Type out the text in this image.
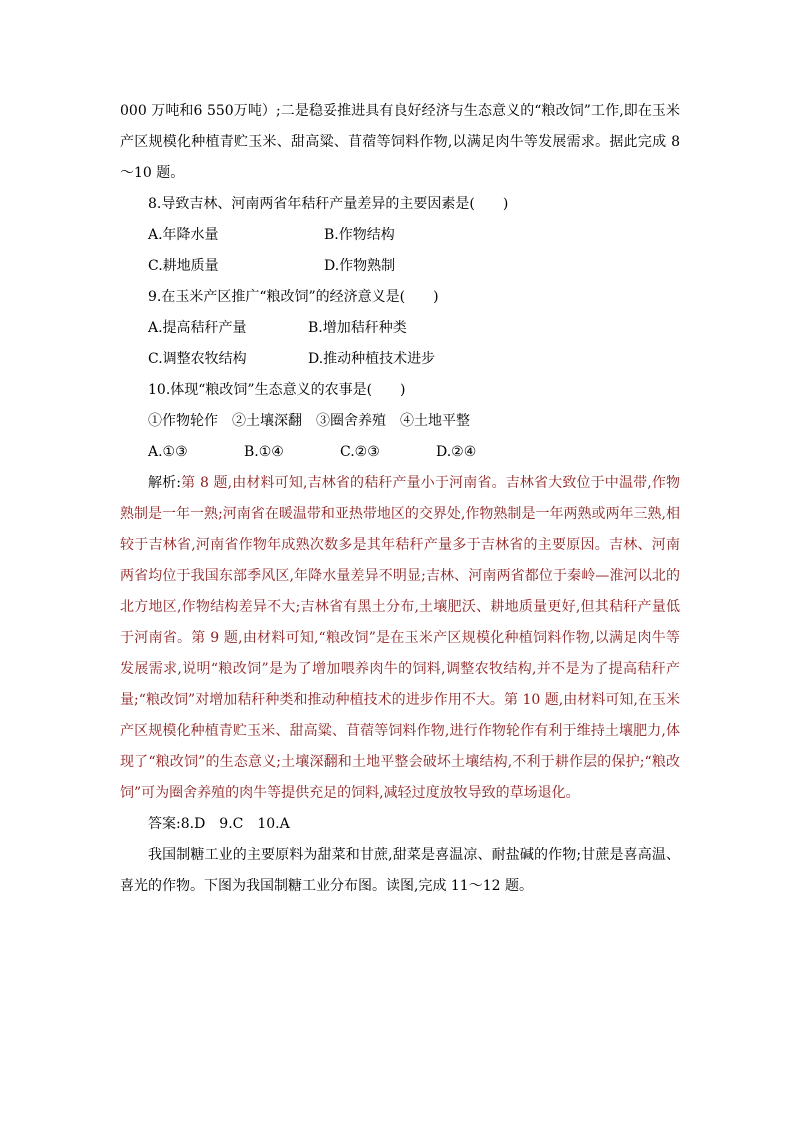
000 万吨和6 550万吨）;二是稳妥推进具有良好经济与生态意义的“粮改饲”工作,即在玉米产区规模化种植青贮玉米、甜高粱、苜蓿等饲料作物,以满足肉牛等发展需求。据此完成 8～10 题。

8.导致吉林、河南两省年秸秆产量差异的主要因素是(　　)

A.年降水量	B.作物结构
C.耕地质量	D.作物熟制

9.在玉米产区推广“粮改饲”的经济意义是(　　)

A.提高秸秆产量	B.增加秸秆种类
C.调整农牧结构	D.推动种植技术进步

10.体现“粮改饲”生态意义的农事是(　　)

①作物轮作　②土壤深翻　③圈舍养殖　④土地平整

A.①③	B.①④	C.②③	D.②④

解析:第 8 题,由材料可知,吉林省的秸秆产量小于河南省。吉林省大致位于中温带,作物熟制是一年一熟;河南省在暖温带和亚热带地区的交界处,作物熟制是一年两熟或两年三熟,相较于吉林省,河南省作物年成熟次数多是其年秸秆产量多于吉林省的主要原因。吉林、河南两省均位于我国东部季风区,年降水量差异不明显;吉林、河南两省都位于秦岭—淮河以北的北方地区,作物结构差异不大;吉林省有黑土分布,土壤肥沃、耕地质量更好,但其秸秆产量低于河南省。第 9 题,由材料可知,“粮改饲”是在玉米产区规模化种植饲料作物,以满足肉牛等发展需求,说明“粮改饲”是为了增加喂养肉牛的饲料,调整农牧结构,并不是为了提高秸秆产量;“粮改饲”对增加秸秆种类和推动种植技术的进步作用不大。第 10 题,由材料可知,在玉米产区规模化种植青贮玉米、甜高粱、苜蓿等饲料作物,进行作物轮作有利于维持土壤肥力,体现了“粮改饲”的生态意义;土壤深翻和土地平整会破坏土壤结构,不利于耕作层的保护;“粮改饲”可为圈舍养殖的肉牛等提供充足的饲料,减轻过度放牧导致的草场退化。

答案:8.D　9.C　10.A

我国制糖工业的主要原料为甜菜和甘蔗,甜菜是喜温凉、耐盐碱的作物;甘蔗是喜高温、喜光的作物。下图为我国制糖工业分布图。读图,完成 11～12 题。
